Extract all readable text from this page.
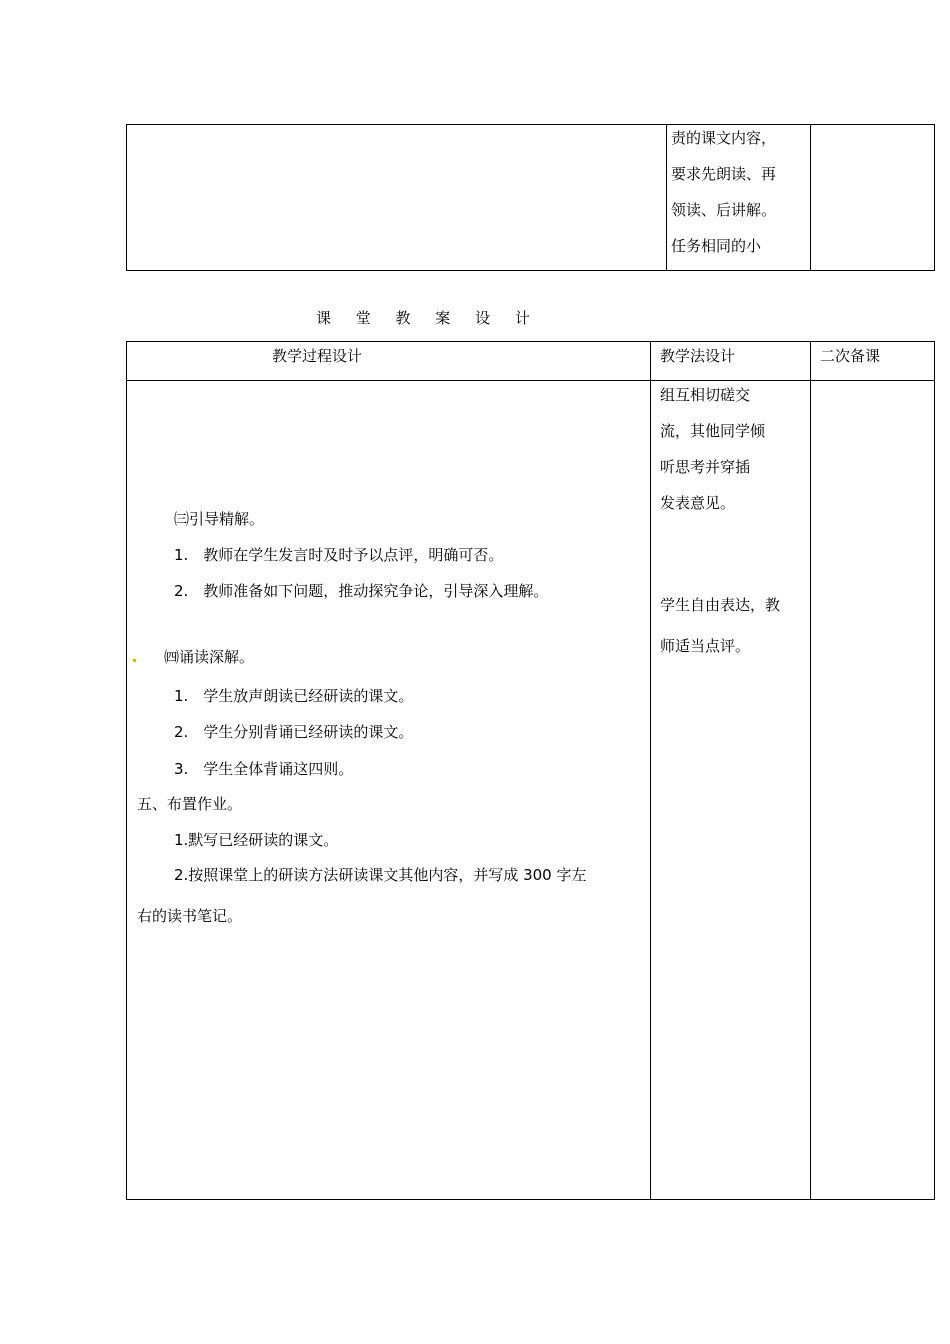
责的课文内容，
要求先朗读、再
领读、后讲解。
任务相同的小
课 堂 教 案 设 计
教学过程设计	教学法设计	二次备课
㈢引导精解。
1.　教师在学生发言时及时予以点评，明确可否。
2.　教师准备如下问题，推动探究争论，引导深入理解。
㈣诵读深解。
1.　学生放声朗读已经研读的课文。
2.　学生分别背诵已经研读的课文。
3.　学生全体背诵这四则。
五、布置作业。
1.默写已经研读的课文。
2.按照课堂上的研读方法研读课文其他内容，并写成 300 字左
右的读书笔记。
组互相切磋交
流，其他同学倾
听思考并穿插
发表意见。
学生自由表达，教
师适当点评。
